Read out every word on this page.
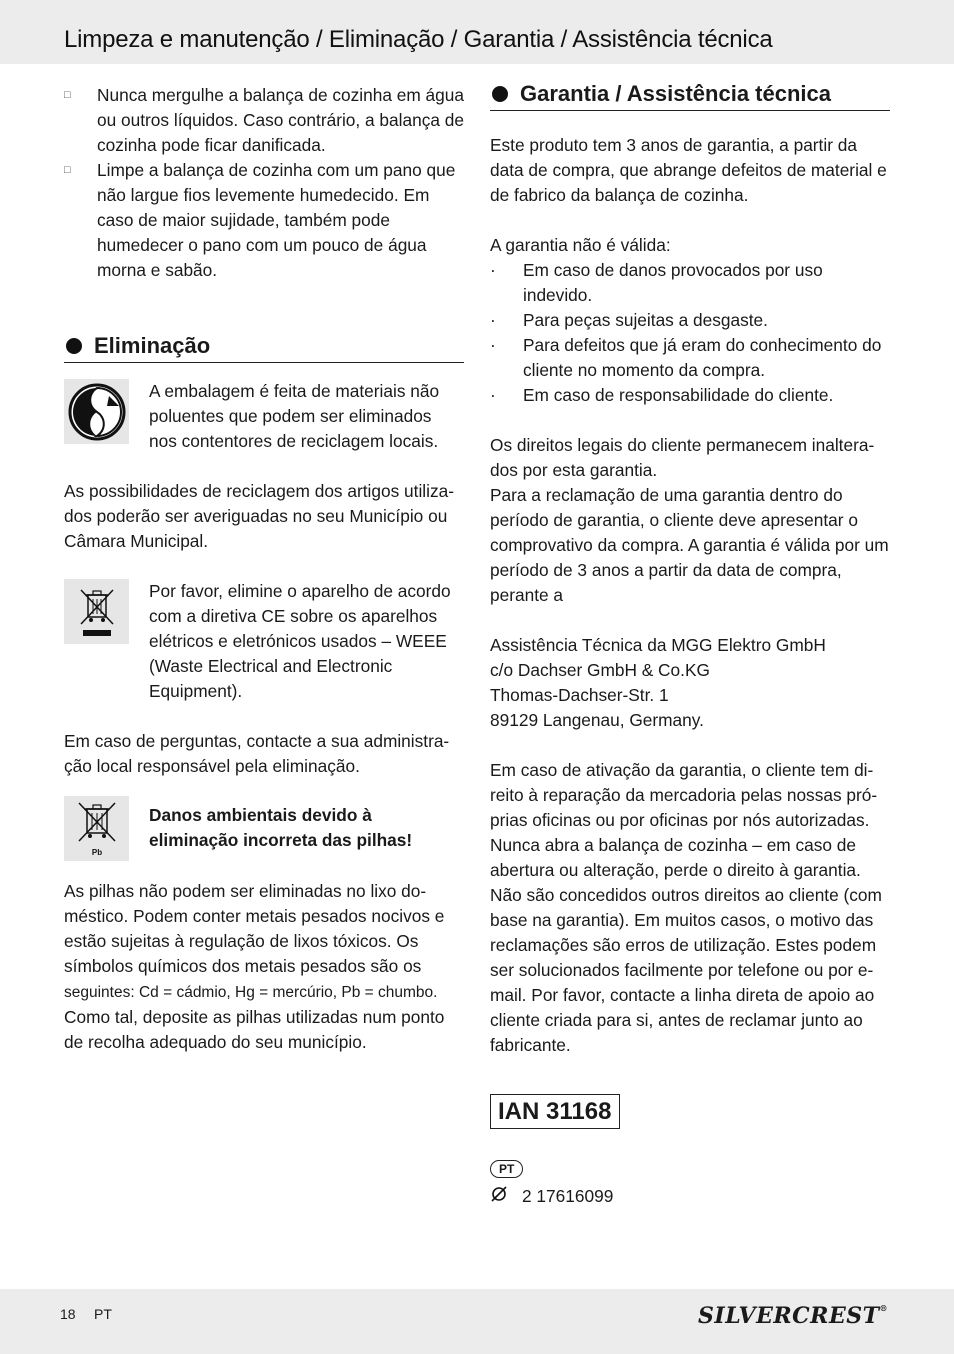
Limpeza e manutenção / Eliminação / Garantia / Assistência técnica
□ Nunca mergulhe a balança de cozinha em água ou outros líquidos. Caso contrário, a balança de cozinha pode ficar danificada.
□ Limpe a balança de cozinha com um pano que não largue fios levemente humedecido. Em caso de maior sujidade, também pode humedecer o pano com um pouco de água morna e sabão.
Eliminação

A embalagem é feita de materiais não poluentes que podem ser eliminados nos contentores de reciclagem locais.

As possibilidades de reciclagem dos artigos utiliza-dos poderão ser averiguadas no seu Município ou Câmara Municipal.

Por favor, elimine o aparelho de acordo com a diretiva CE sobre os aparelhos elétricos e eletrónicos usados – WEEE (Waste Electrical and Electronic Equipment).

Em caso de perguntas, contacte a sua administra-ção local responsável pela eliminação.

Pb

Danos ambientais devido à eliminação incorreta das pilhas!

As pilhas não podem ser eliminadas no lixo do-méstico. Podem conter metais pesados nocivos e estão sujeitas à regulação de lixos tóxicos. Os símbolos químicos dos metais pesados são os seguintes: Cd = cádmio, Hg = mercúrio, Pb = chumbo. Como tal, deposite as pilhas utilizadas num ponto de recolha adequado do seu município.

Garantia / Assistência técnica

Este produto tem 3 anos de garantia, a partir da data de compra, que abrange defeitos de material e de fabrico da balança de cozinha.

A garantia não é válida:

· Em caso de danos provocados por uso indevido.
· Para peças sujeitas a desgaste.
· Para defeitos que já eram do conhecimento do cliente no momento da compra.
· Em caso de responsabilidade do cliente.

Os direitos legais do cliente permanecem inaltera-dos por esta garantia.

Para a reclamação de uma garantia dentro do período de garantia, o cliente deve apresentar o comprovativo da compra. A garantia é válida por um período de 3 anos a partir da data de compra, perante a

Assistência Técnica da MGG Elektro GmbH

c/o Dachser GmbH & Co.KG

Thomas-Dachser-Str. 1

89129 Langenau, Germany.

Em caso de ativação da garantia, o cliente tem di-reito à reparação da mercadoria pelas nossas pró-prias oficinas ou por oficinas por nós autorizadas. Nunca abra a balança de cozinha – em caso de abertura ou alteração, perde o direito à garantia. Não são concedidos outros direitos ao cliente (com base na garantia). Em muitos casos, o motivo das reclamações são erros de utilização. Estes podem ser solucionados facilmente por telefone ou por e-mail. Por favor, contacte a linha direta de apoio ao cliente criada para si, antes de reclamar junto ao fabricante.

IAN 31168
PT
2 17616099
18 PT	SILVERCREST®
